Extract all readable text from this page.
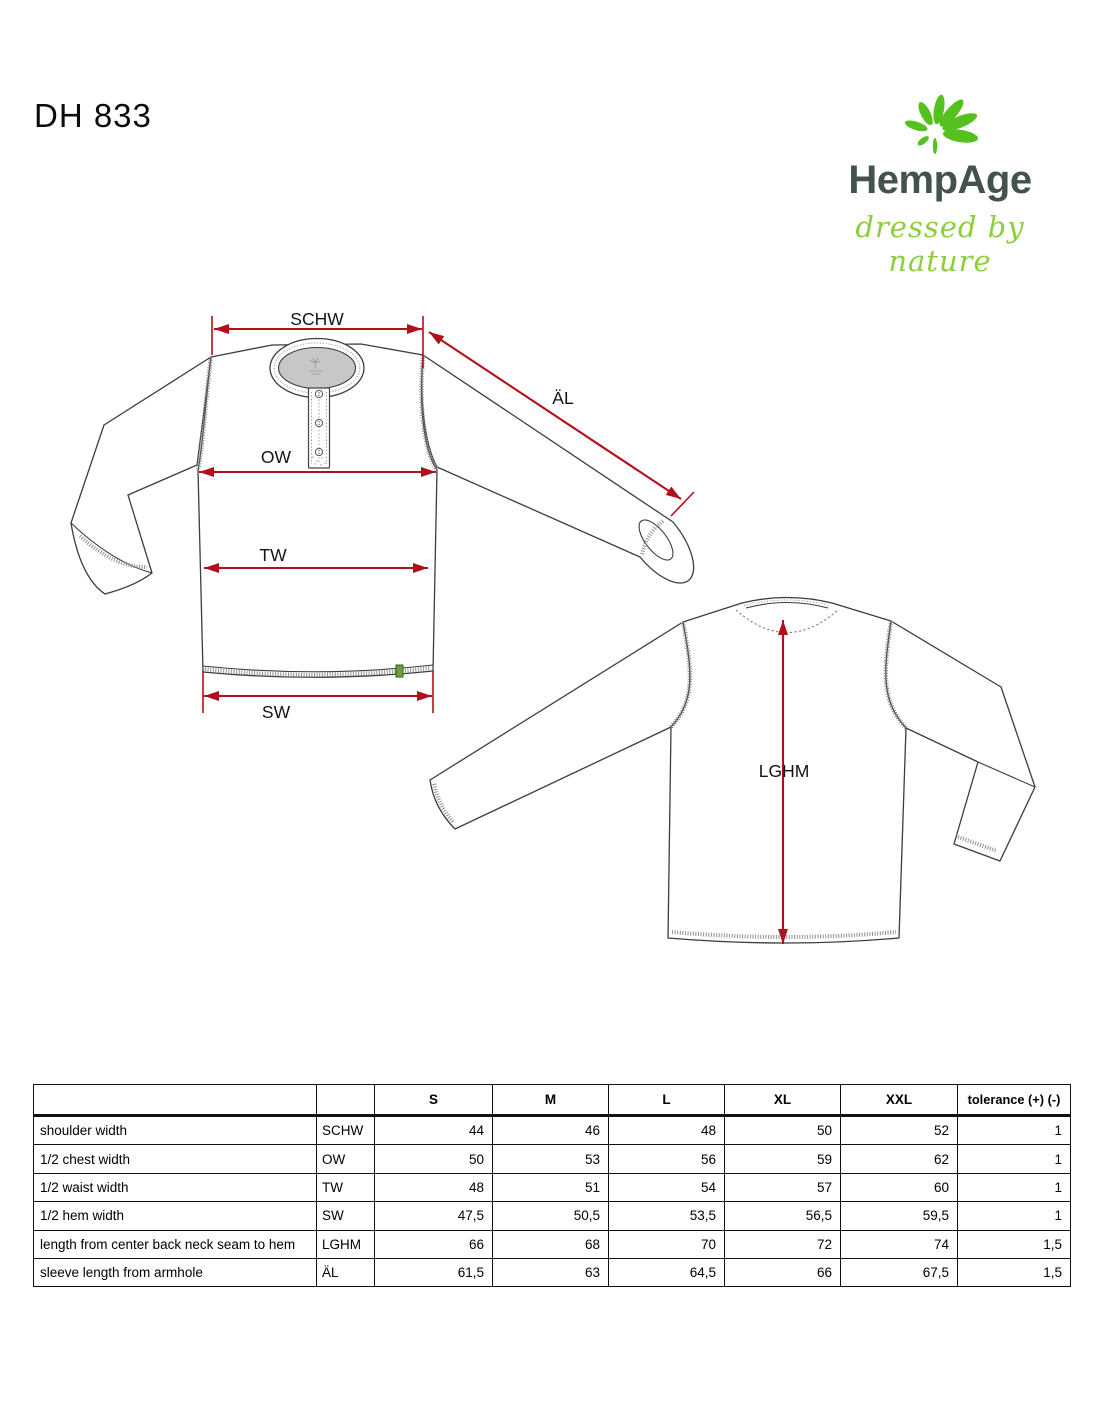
DH 833
HempAge
dressed by nature
SCHW
ÄL
OW
TW
SW
LGHM
		S	M	L	XL	XXL	tolerance (+) (-)
shoulder width	SCHW	44	46	48	50	52	1
1/2 chest width	OW	50	53	56	59	62	1
1/2 waist width	TW	48	51	54	57	60	1
1/2 hem width	SW	47,5	50,5	53,5	56,5	59,5	1
length from center back neck seam to hem	LGHM	66	68	70	72	74	1,5
sleeve length from armhole	ÄL	61,5	63	64,5	66	67,5	1,5
